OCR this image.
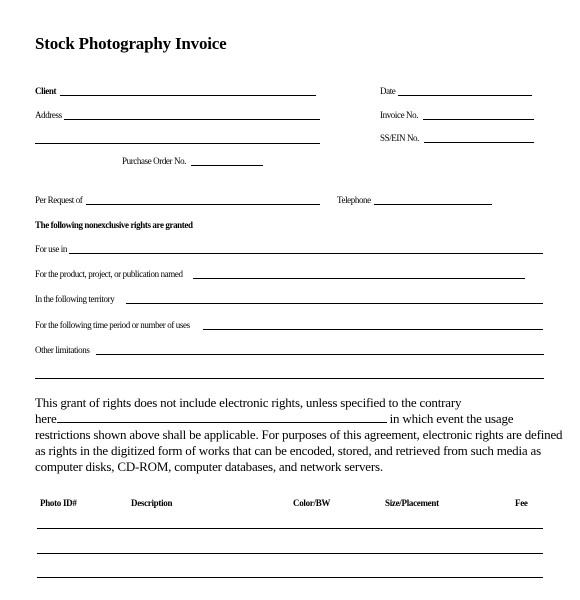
Stock Photography Invoice
Client	Date
Address	Invoice No.
SS/EIN No.
Purchase Order No.
Per Request of	Telephone
The following nonexclusive rights are granted
For use in
For the product, project, or publication named
In the following territory
For the following time period or number of uses
Other limitations
This grant of rights does not include electronic rights, unless specified to the contrary
here	in which event the usage
restrictions shown above shall be applicable. For purposes of this agreement, electronic rights are defined
as rights in the digitized form of works that can be encoded, stored, and retrieved from such media as
computer disks, CD-ROM, computer databases, and network servers.
Photo ID#	Description	Color/BW	Size/Placement	Fee
